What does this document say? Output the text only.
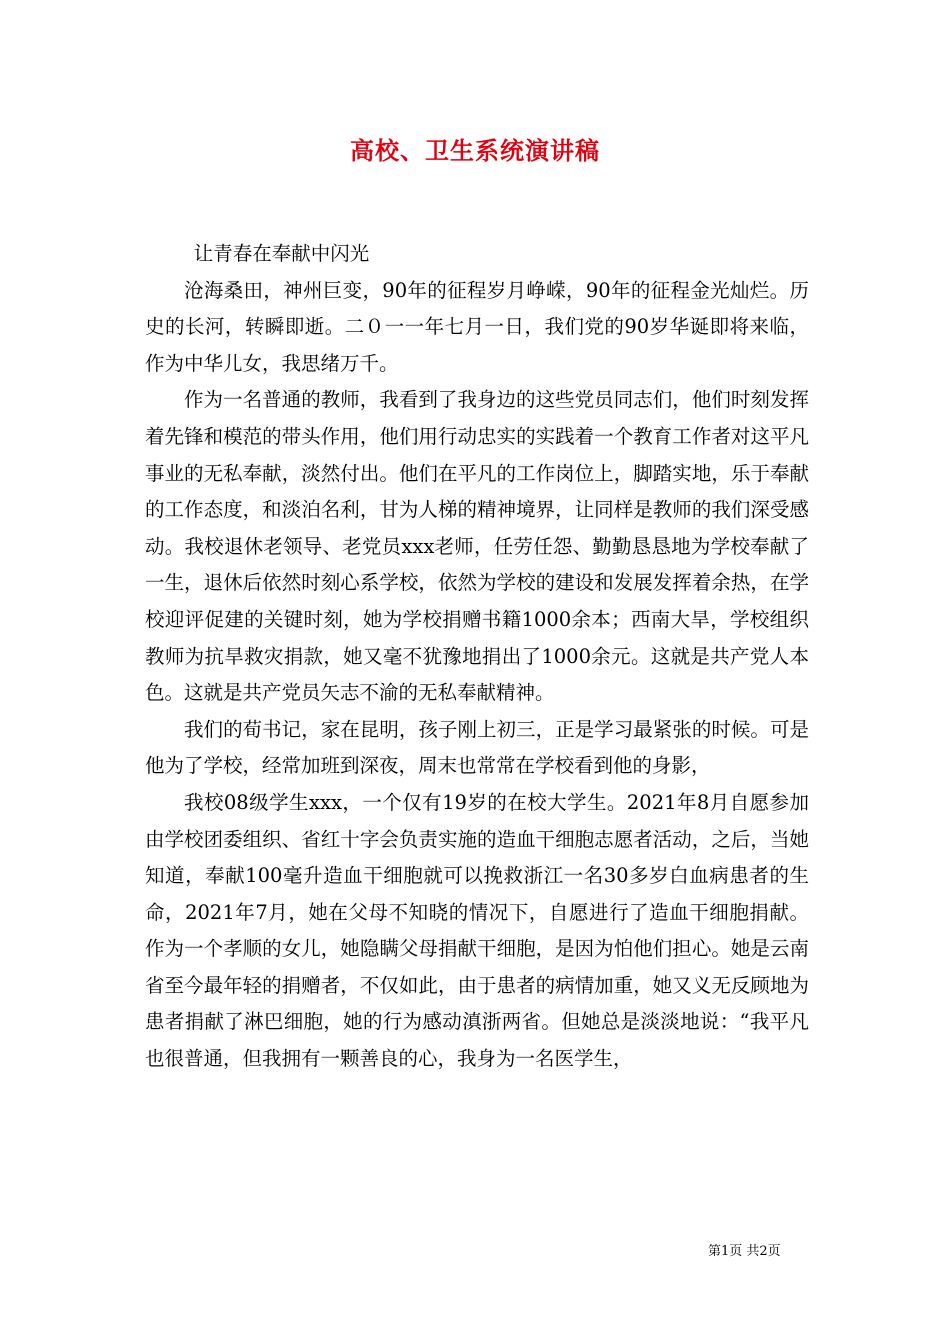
高校、卫生系统演讲稿

让青春在奉献中闪光

沧海桑田，神州巨变，90年的征程岁月峥嵘，90年的征程金光灿烂。历史的长河，转瞬即逝。二０一一年七月一日，我们党的90岁华诞即将来临，作为中华儿女，我思绪万千。

作为一名普通的教师，我看到了我身边的这些党员同志们，他们时刻发挥着先锋和模范的带头作用，他们用行动忠实的实践着一个教育工作者对这平凡事业的无私奉献，淡然付出。他们在平凡的工作岗位上，脚踏实地，乐于奉献的工作态度，和淡泊名利，甘为人梯的精神境界，让同样是教师的我们深受感动。我校退休老领导、老党员xxx老师，任劳任怨、勤勤恳恳地为学校奉献了一生，退休后依然时刻心系学校，依然为学校的建设和发展发挥着余热，在学校迎评促建的关键时刻，她为学校捐赠书籍1000余本；西南大旱，学校组织教师为抗旱救灾捐款，她又毫不犹豫地捐出了1000余元。这就是共产党人本色。这就是共产党员矢志不渝的无私奉献精神。

我们的荀书记，家在昆明，孩子刚上初三，正是学习最紧张的时候。可是他为了学校，经常加班到深夜，周末也常常在学校看到他的身影，

我校08级学生xxx，一个仅有19岁的在校大学生。2021年8月自愿参加由学校团委组织、省红十字会负责实施的造血干细胞志愿者活动，之后，当她知道，奉献100毫升造血干细胞就可以挽救浙江一名30多岁白血病患者的生命，2021年7月，她在父母不知晓的情况下，自愿进行了造血干细胞捐献。作为一个孝顺的女儿，她隐瞒父母捐献干细胞，是因为怕他们担心。她是云南省至今最年轻的捐赠者，不仅如此，由于患者的病情加重，她又义无反顾地为患者捐献了淋巴细胞，她的行为感动滇浙两省。但她总是淡淡地说：“我平凡也很普通，但我拥有一颗善良的心，我身为一名医学生，

第1页 共2页
